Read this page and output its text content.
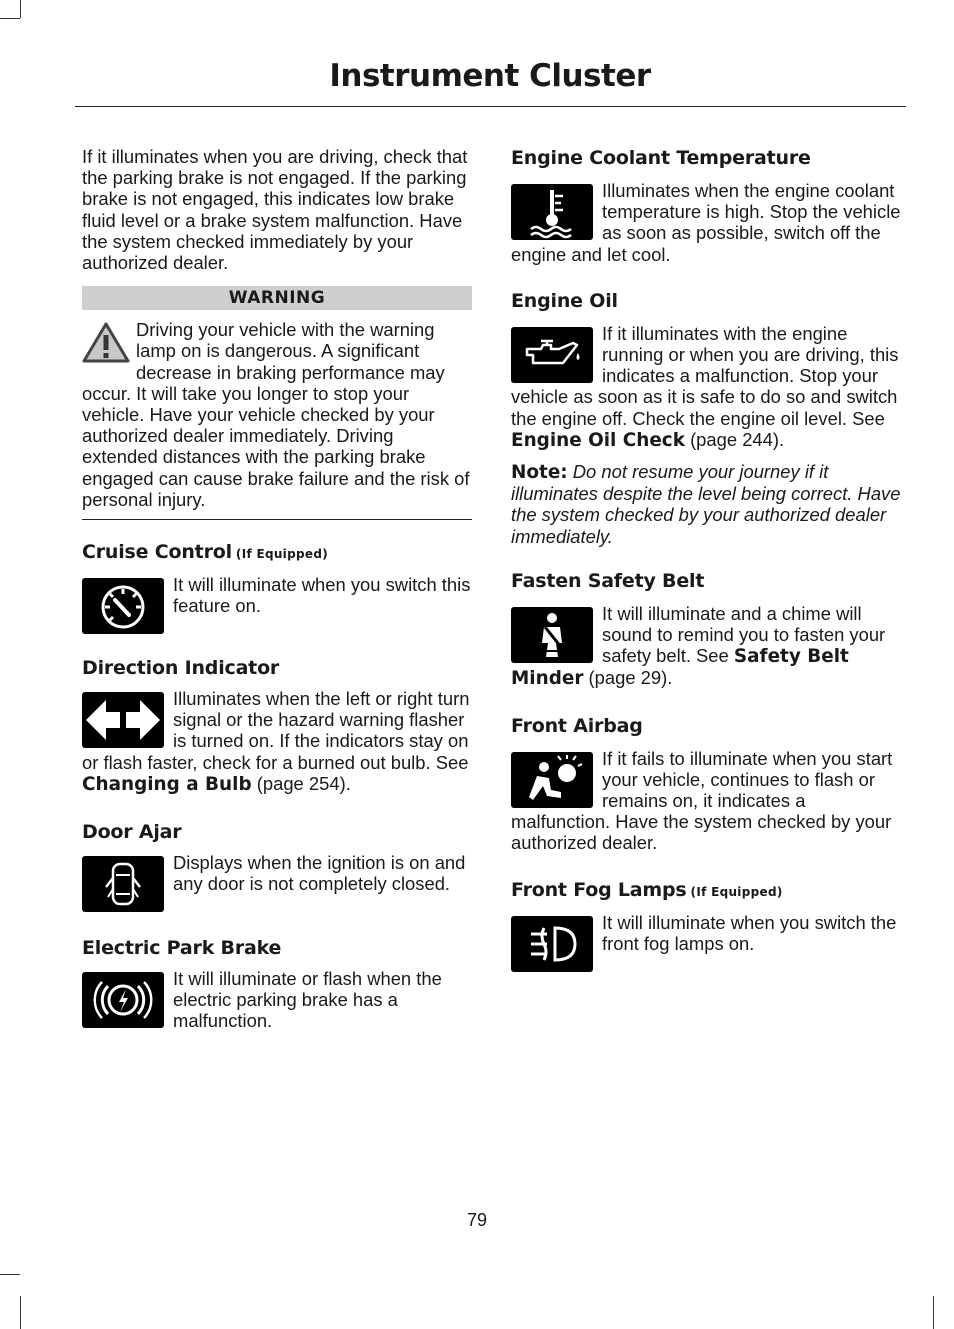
Instrument Cluster

If it illuminates when you are driving, check that the parking brake is not engaged. If the parking brake is not engaged, this indicates low brake fluid level or a brake system malfunction. Have the system checked immediately by your authorized dealer.

WARNING

Driving your vehicle with the warning lamp on is dangerous. A significant decrease in braking performance may occur. It will take you longer to stop your vehicle. Have your vehicle checked by your authorized dealer immediately. Driving extended distances with the parking brake engaged can cause brake failure and the risk of personal injury.

Cruise Control (If Equipped)

It will illuminate when you switch this feature on.

Direction Indicator

Illuminates when the left or right turn signal or the hazard warning flasher is turned on. If the indicators stay on or flash faster, check for a burned out bulb. See Changing a Bulb (page 254).

Door Ajar

Displays when the ignition is on and any door is not completely closed.

Electric Park Brake

It will illuminate or flash when the electric parking brake has a malfunction.

Engine Coolant Temperature

Illuminates when the engine coolant temperature is high. Stop the vehicle as soon as possible, switch off the engine and let cool.

Engine Oil

If it illuminates with the engine running or when you are driving, this indicates a malfunction. Stop your vehicle as soon as it is safe to do so and switch the engine off. Check the engine oil level. See Engine Oil Check (page 244).

Note: Do not resume your journey if it illuminates despite the level being correct. Have the system checked by your authorized dealer immediately.

Fasten Safety Belt

It will illuminate and a chime will sound to remind you to fasten your safety belt. See Safety Belt Minder (page 29).

Front Airbag

If it fails to illuminate when you start your vehicle, continues to flash or remains on, it indicates a malfunction. Have the system checked by your authorized dealer.

Front Fog Lamps (If Equipped)

It will illuminate when you switch the front fog lamps on.

79
